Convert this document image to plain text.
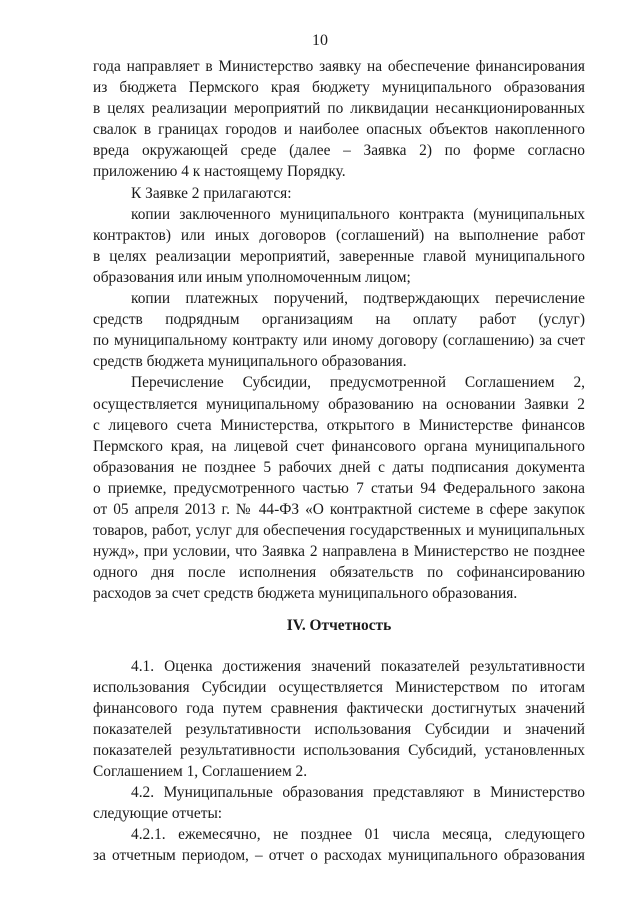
10
года направляет в Министерство заявку на обеспечение финансирования
из бюджета Пермского края бюджету муниципального образования
в целях реализации мероприятий по ликвидации несанкционированных
свалок в границах городов и наиболее опасных объектов накопленного
вреда окружающей среде (далее – Заявка 2) по форме согласно
приложению 4 к настоящему Порядку.
К Заявке 2 прилагаются:
копии заключенного муниципального контракта (муниципальных
контрактов) или иных договоров (соглашений) на выполнение работ
в целях реализации мероприятий, заверенные главой муниципального
образования или иным уполномоченным лицом;
копии платежных поручений, подтверждающих перечисление
средств подрядным организациям на оплату работ (услуг)
по муниципальному контракту или иному договору (соглашению) за счет
средств бюджета муниципального образования.
Перечисление Субсидии, предусмотренной Соглашением 2,
осуществляется муниципальному образованию на основании Заявки 2
с лицевого счета Министерства, открытого в Министерстве финансов
Пермского края, на лицевой счет финансового органа муниципального
образования не позднее 5 рабочих дней с даты подписания документа
о приемке, предусмотренного частью 7 статьи 94 Федерального закона
от 05 апреля 2013 г. № 44-ФЗ «О контрактной системе в сфере закупок
товаров, работ, услуг для обеспечения государственных и муниципальных
нужд», при условии, что Заявка 2 направлена в Министерство не позднее
одного дня после исполнения обязательств по софинансированию
расходов за счет средств бюджета муниципального образования.
IV. Отчетность
4.1. Оценка достижения значений показателей результативности
использования Субсидии осуществляется Министерством по итогам
финансового года путем сравнения фактически достигнутых значений
показателей результативности использования Субсидии и значений
показателей результативности использования Субсидий, установленных
Соглашением 1, Соглашением 2.
4.2. Муниципальные образования представляют в Министерство
следующие отчеты:
4.2.1. ежемесячно, не позднее 01 числа месяца, следующего
за отчетным периодом, – отчет о расходах муниципального образования
